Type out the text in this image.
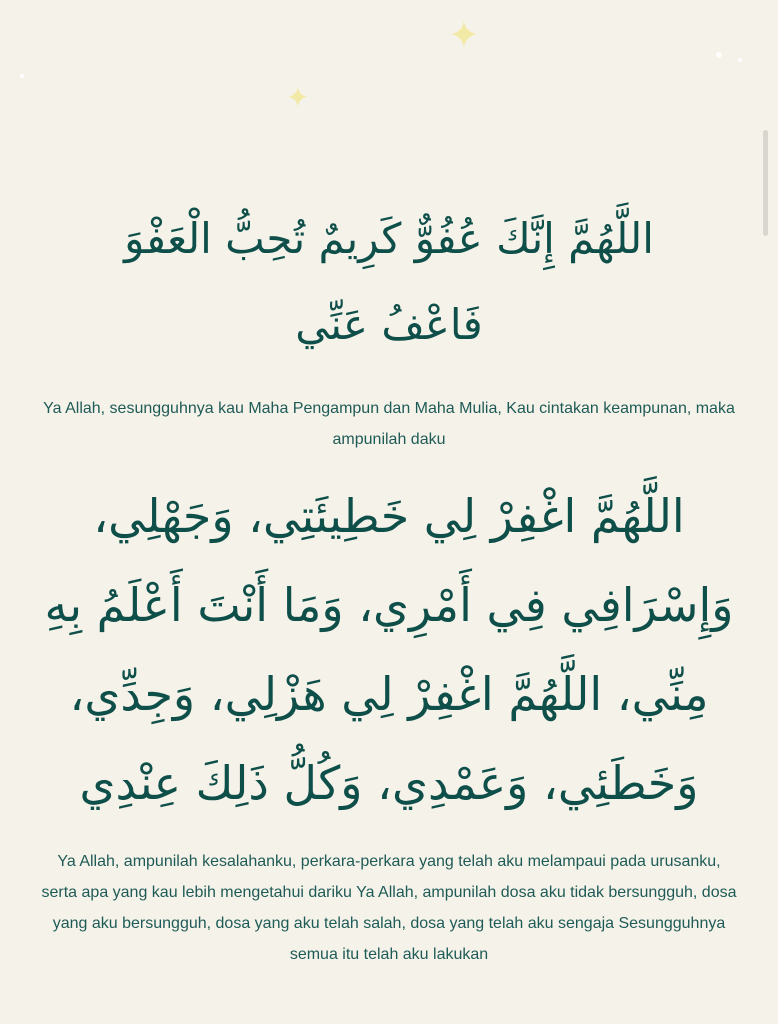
✦
✦
اللَّهُمَّ إِنَّكَ عُفُوٌّ كَرِيمٌ تُحِبُّ الْعَفْوَ
فَاعْفُ عَنِّي

Ya Allah, sesungguhnya kau Maha Pengampun dan Maha Mulia, Kau cintakan keampunan, maka ampunilah daku

اللَّهُمَّ اغْفِرْ لِي خَطِيئَتِي، وَجَهْلِي،
وَإِسْرَافِي فِي أَمْرِي، وَمَا أَنْتَ أَعْلَمُ بِهِ
مِنِّي، اللَّهُمَّ اغْفِرْ لِي هَزْلِي، وَجِدِّي،
وَخَطَئِي، وَعَمْدِي، وَكُلُّ ذَلِكَ عِنْدِي

Ya Allah, ampunilah kesalahanku, perkara-perkara yang telah aku melampaui pada urusanku, serta apa yang kau lebih mengetahui dariku Ya Allah, ampunilah dosa aku tidak bersungguh, dosa yang aku bersungguh, dosa yang aku telah salah, dosa yang telah aku sengaja Sesungguhnya semua itu telah aku lakukan
